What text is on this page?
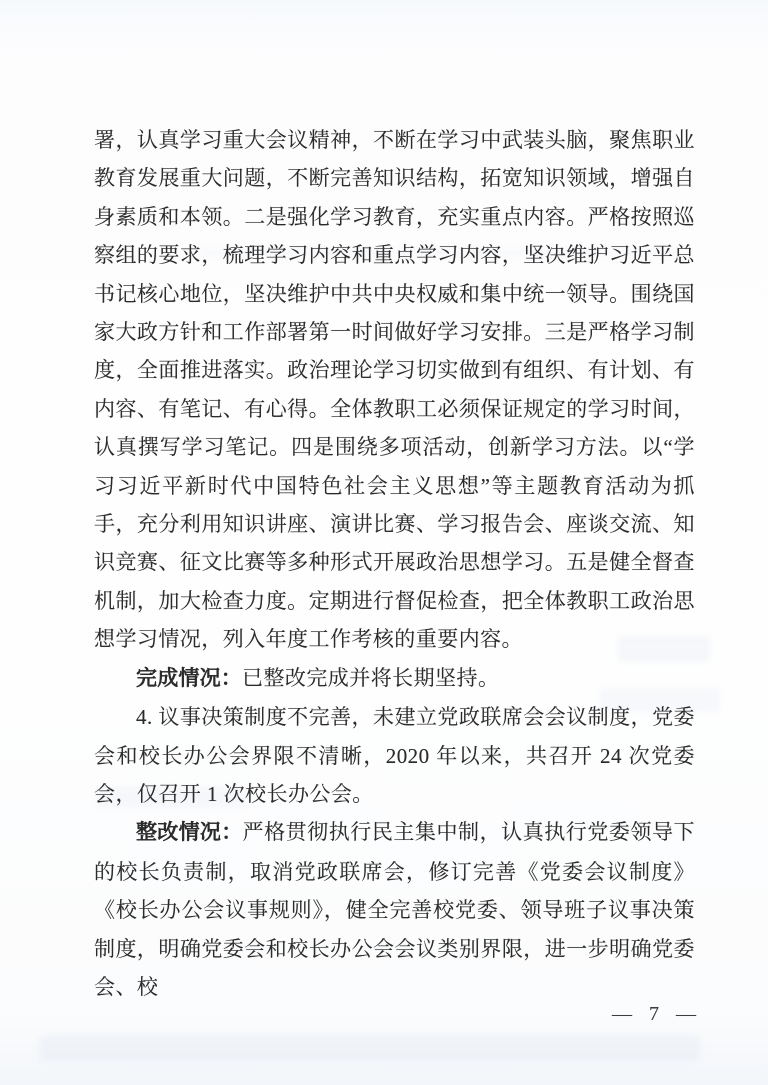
署，认真学习重大会议精神，不断在学习中武装头脑，聚焦职业教育发展重大问题，不断完善知识结构，拓宽知识领域，增强自身素质和本领。二是强化学习教育，充实重点内容。严格按照巡察组的要求，梳理学习内容和重点学习内容，坚决维护习近平总书记核心地位，坚决维护中共中央权威和集中统一领导。围绕国家大政方针和工作部署第一时间做好学习安排。三是严格学习制度，全面推进落实。政治理论学习切实做到有组织、有计划、有内容、有笔记、有心得。全体教职工必须保证规定的学习时间，认真撰写学习笔记。四是围绕多项活动，创新学习方法。以“学习习近平新时代中国特色社会主义思想”等主题教育活动为抓手，充分利用知识讲座、演讲比赛、学习报告会、座谈交流、知识竞赛、征文比赛等多种形式开展政治思想学习。五是健全督查机制，加大检查力度。定期进行督促检查，把全体教职工政治思想学习情况，列入年度工作考核的重要内容。

完成情况：已整改完成并将长期坚持。

4. 议事决策制度不完善，未建立党政联席会会议制度，党委会和校长办公会界限不清晰，2020 年以来，共召开 24 次党委会，仅召开 1 次校长办公会。

整改情况：严格贯彻执行民主集中制，认真执行党委领导下的校长负责制，取消党政联席会，修订完善《党委会议制度》《校长办公会议事规则》，健全完善校党委、领导班子议事决策制度，明确党委会和校长办公会会议类别界限，进一步明确党委会、校

— 7 —
